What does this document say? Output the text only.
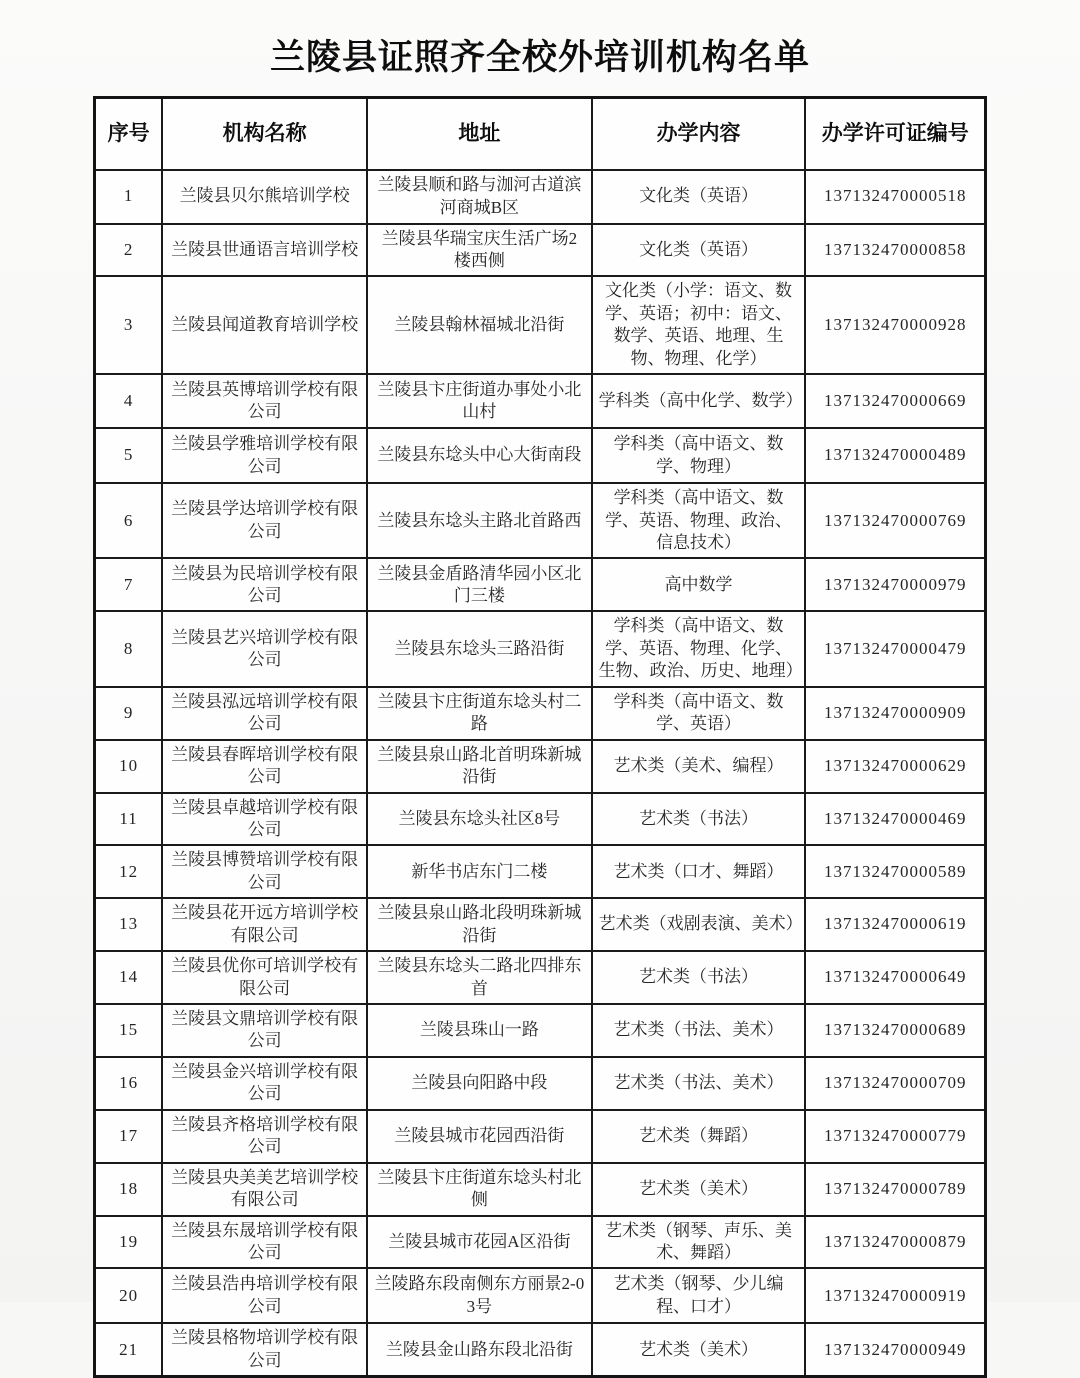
兰陵县证照齐全校外培训机构名单
序号	机构名称	地址	办学内容	办学许可证编号
1	兰陵县贝尔熊培训学校	兰陵县顺和路与泇河古道滨河商城B区	文化类（英语）	137132470000518
2	兰陵县世通语言培训学校	兰陵县华瑞宝庆生活广场2楼西侧	文化类（英语）	137132470000858
3	兰陵县闻道教育培训学校	兰陵县翰林福城北沿街	文化类（小学：语文、数学、英语；初中：语文、数学、英语、地理、生物、物理、化学）	137132470000928
4	兰陵县英博培训学校有限公司	兰陵县卞庄街道办事处小北山村	学科类（高中化学、数学）	137132470000669
5	兰陵县学雅培训学校有限公司	兰陵县东埝头中心大街南段	学科类（高中语文、数学、物理）	137132470000489
6	兰陵县学达培训学校有限公司	兰陵县东埝头主路北首路西	学科类（高中语文、数学、英语、物理、政治、信息技术）	137132470000769
7	兰陵县为民培训学校有限公司	兰陵县金盾路清华园小区北门三楼	高中数学	137132470000979
8	兰陵县艺兴培训学校有限公司	兰陵县东埝头三路沿街	学科类（高中语文、数学、英语、物理、化学、生物、政治、历史、地理）	137132470000479
9	兰陵县泓远培训学校有限公司	兰陵县卞庄街道东埝头村二路	学科类（高中语文、数学、英语）	137132470000909
10	兰陵县春晖培训学校有限公司	兰陵县泉山路北首明珠新城沿街	艺术类（美术、编程）	137132470000629
11	兰陵县卓越培训学校有限公司	兰陵县东埝头社区8号	艺术类（书法）	137132470000469
12	兰陵县博赞培训学校有限公司	新华书店东门二楼	艺术类（口才、舞蹈）	137132470000589
13	兰陵县花开远方培训学校有限公司	兰陵县泉山路北段明珠新城沿街	艺术类（戏剧表演、美术）	137132470000619
14	兰陵县优你可培训学校有限公司	兰陵县东埝头二路北四排东首	艺术类（书法）	137132470000649
15	兰陵县文鼎培训学校有限公司	兰陵县珠山一路	艺术类（书法、美术）	137132470000689
16	兰陵县金兴培训学校有限公司	兰陵县向阳路中段	艺术类（书法、美术）	137132470000709
17	兰陵县齐格培训学校有限公司	兰陵县城市花园西沿街	艺术类（舞蹈）	137132470000779
18	兰陵县央美美艺培训学校有限公司	兰陵县卞庄街道东埝头村北侧	艺术类（美术）	137132470000789
19	兰陵县东晟培训学校有限公司	兰陵县城市花园A区沿街	艺术类（钢琴、声乐、美术、舞蹈）	137132470000879
20	兰陵县浩冉培训学校有限公司	兰陵路东段南侧东方丽景2-03号	艺术类（钢琴、少儿编程、口才）	137132470000919
21	兰陵县格物培训学校有限公司	兰陵县金山路东段北沿街	艺术类（美术）	137132470000949
